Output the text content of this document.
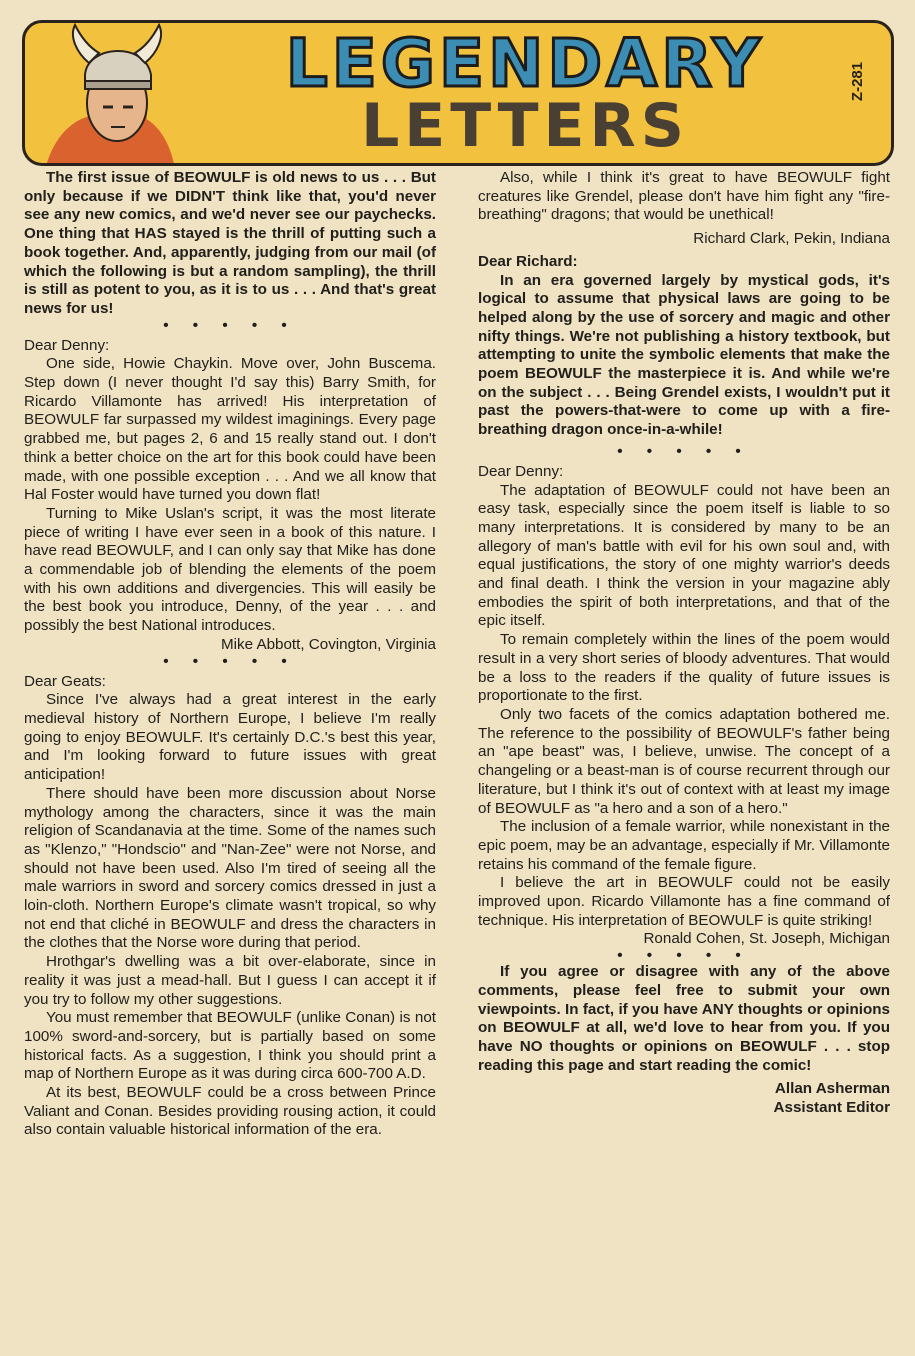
LEGENDARY
LETTERS
Z-281

The first issue of BEOWULF is old news to us . . . But only because if we DIDN'T think like that, you'd never see any new comics, and we'd never see our paychecks. One thing that HAS stayed is the thrill of putting such a book together. And, apparently, judging from our mail (of which the following is but a random sampling), the thrill is still as potent to you, as it is to us . . . And that's great news for us!

• • • • •

Dear Denny:

One side, Howie Chaykin. Move over, John Buscema. Step down (I never thought I'd say this) Barry Smith, for Ricardo Villamonte has arrived! His interpretation of BEOWULF far surpassed my wildest imaginings. Every page grabbed me, but pages 2, 6 and 15 really stand out. I don't think a better choice on the art for this book could have been made, with one possible exception . . . And we all know that Hal Foster would have turned you down flat!

Turning to Mike Uslan's script, it was the most literate piece of writing I have ever seen in a book of this nature. I have read BEOWULF, and I can only say that Mike has done a commendable job of blending the elements of the poem with his own additions and divergencies. This will easily be the best book you introduce, Denny, of the year . . . and possibly the best National introduces.

Mike Abbott, Covington, Virginia

• • • • •

Dear Geats:

Since I've always had a great interest in the early medieval history of Northern Europe, I believe I'm really going to enjoy BEOWULF. It's certainly D.C.'s best this year, and I'm looking forward to future issues with great anticipation!

There should have been more discussion about Norse mythology among the characters, since it was the main religion of Scandanavia at the time. Some of the names such as "Klenzo," "Hondscio" and "Nan-Zee" were not Norse, and should not have been used. Also I'm tired of seeing all the male warriors in sword and sorcery comics dressed in just a loin-cloth. Northern Europe's climate wasn't tropical, so why not end that cliché in BEOWULF and dress the characters in the clothes that the Norse wore during that period.

Hrothgar's dwelling was a bit over-elaborate, since in reality it was just a mead-hall. But I guess I can accept it if you try to follow my other suggestions.

You must remember that BEOWULF (unlike Conan) is not 100% sword-and-sorcery, but is partially based on some historical facts. As a suggestion, I think you should print a map of Northern Europe as it was during circa 600-700 A.D.

At its best, BEOWULF could be a cross between Prince Valiant and Conan. Besides providing rousing action, it could also contain valuable historical information of the era.

Also, while I think it's great to have BEOWULF fight creatures like Grendel, please don't have him fight any "fire-breathing" dragons; that would be unethical!

Richard Clark, Pekin, Indiana

Dear Richard:

In an era governed largely by mystical gods, it's logical to assume that physical laws are going to be helped along by the use of sorcery and magic and other nifty things. We're not publishing a history textbook, but attempting to unite the symbolic elements that make the poem BEOWULF the masterpiece it is. And while we're on the subject . . . Being Grendel exists, I wouldn't put it past the powers-that-were to come up with a fire-breathing dragon once-in-a-while!

• • • • •

Dear Denny:

The adaptation of BEOWULF could not have been an easy task, especially since the poem itself is liable to so many interpretations. It is considered by many to be an allegory of man's battle with evil for his own soul and, with equal justifications, the story of one mighty warrior's deeds and final death. I think the version in your magazine ably embodies the spirit of both interpretations, and that of the epic itself.

To remain completely within the lines of the poem would result in a very short series of bloody adventures. That would be a loss to the readers if the quality of future issues is proportionate to the first.

Only two facets of the comics adaptation bothered me. The reference to the possibility of BEOWULF's father being an "ape beast" was, I believe, unwise. The concept of a changeling or a beast-man is of course recurrent through our literature, but I think it's out of context with at least my image of BEOWULF as "a hero and a son of a hero."

The inclusion of a female warrior, while nonexistant in the epic poem, may be an advantage, especially if Mr. Villamonte retains his command of the female figure.

I believe the art in BEOWULF could not be easily improved upon. Ricardo Villamonte has a fine command of technique. His interpretation of BEOWULF is quite striking!

Ronald Cohen, St. Joseph, Michigan

• • • • •

If you agree or disagree with any of the above comments, please feel free to submit your own viewpoints. In fact, if you have ANY thoughts or opinions on BEOWULF at all, we'd love to hear from you. If you have NO thoughts or opinions on BEOWULF . . . stop reading this page and start reading the comic!

Allan Asherman

Assistant Editor
